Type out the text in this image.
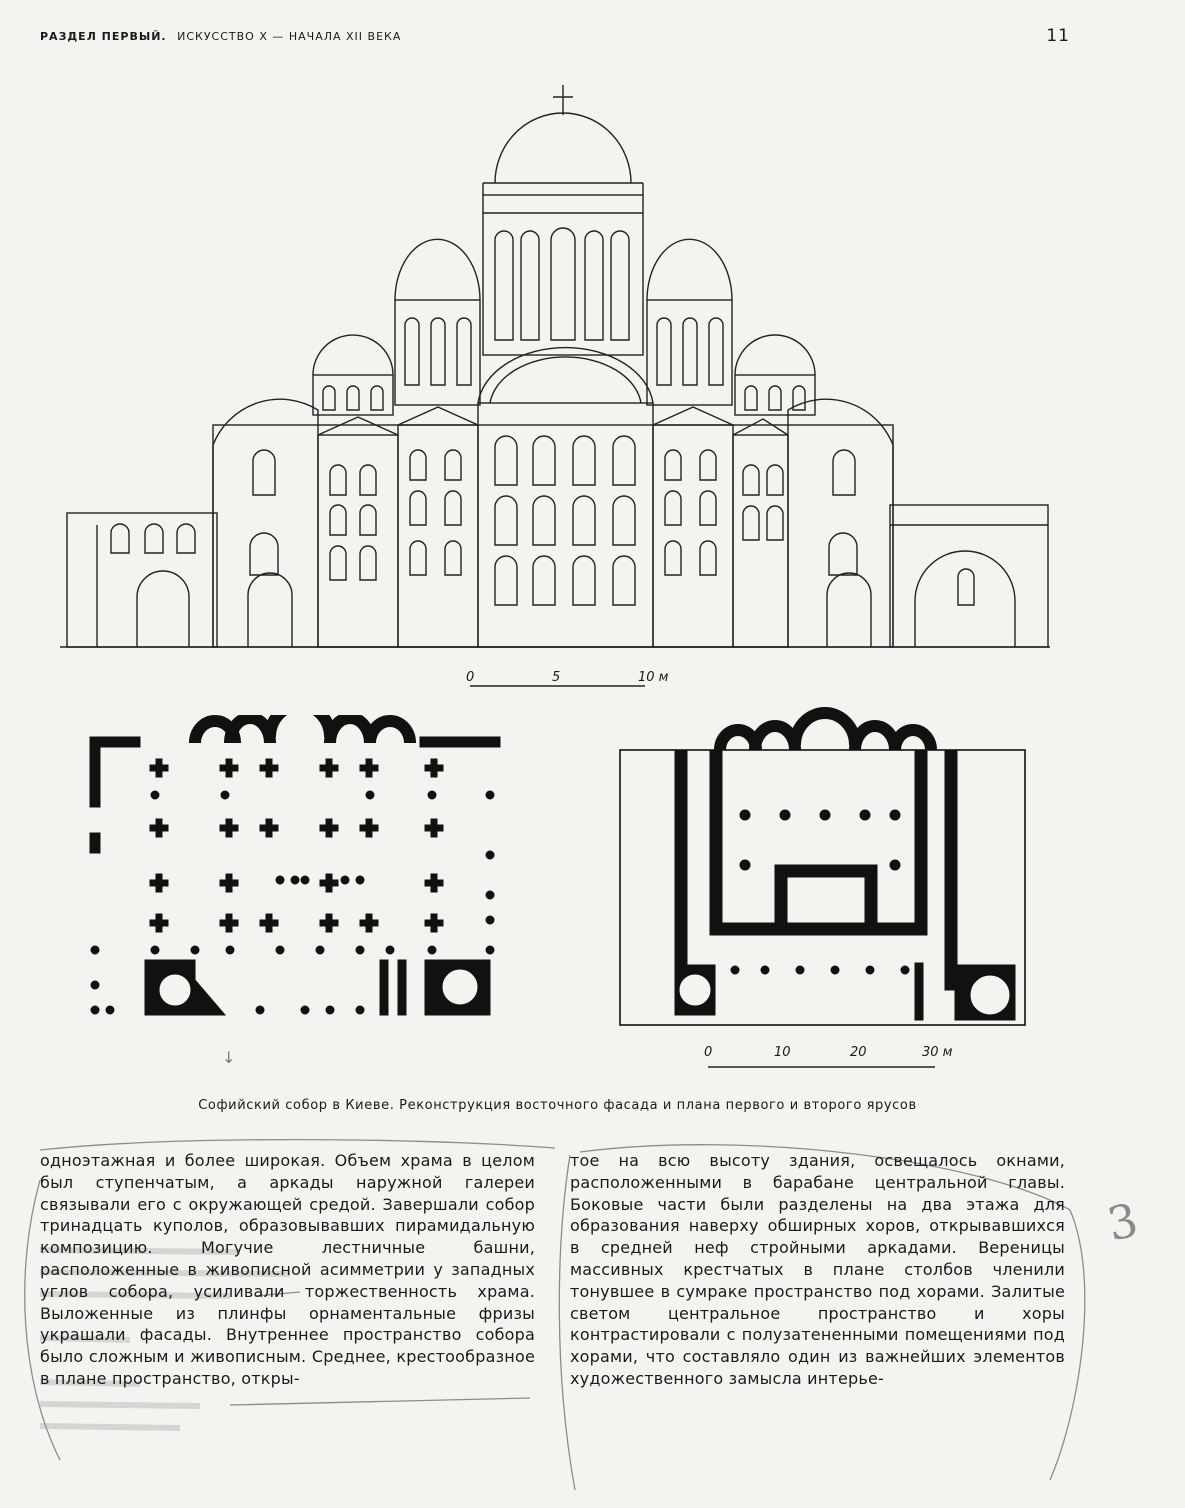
РАЗДЕЛ ПЕРВЫЙ. ИСКУССТВО X — НАЧАЛА XII ВЕКА	11
0	5	10 м
0	10	20	30 м
↓
Софийский собор в Киеве. Реконструкция восточного фасада и плана первого и второго ярусов
3

одноэтажная и более широкая. Объем храма в целом был ступенчатым, а аркады наружной галереи связывали его с окружающей средой. Завершали собор тринадцать куполов, образовывавших пирамидальную композицию. Могучие лестничные башни, расположенные в живописной асимметрии у западных углов собора, усиливали торжественность храма. Выложенные из плинфы орнаментальные фризы украшали фасады. Внутреннее пространство собора было сложным и живописным. Среднее, крестообразное в плане пространство, откры-

тое на всю высоту здания, освещалось окнами, расположенными в барабане центральной главы. Боковые части были разделены на два этажа для образования наверху обширных хоров, открывавшихся в средней неф стройными аркадами. Вереницы массивных крестчатых в плане столбов членили тонувшее в сумраке пространство под хорами. Залитые светом центральное пространство и хоры контрастировали с полузатененными помещениями под хорами, что составляло один из важнейших элементов художественного замысла интерье-
